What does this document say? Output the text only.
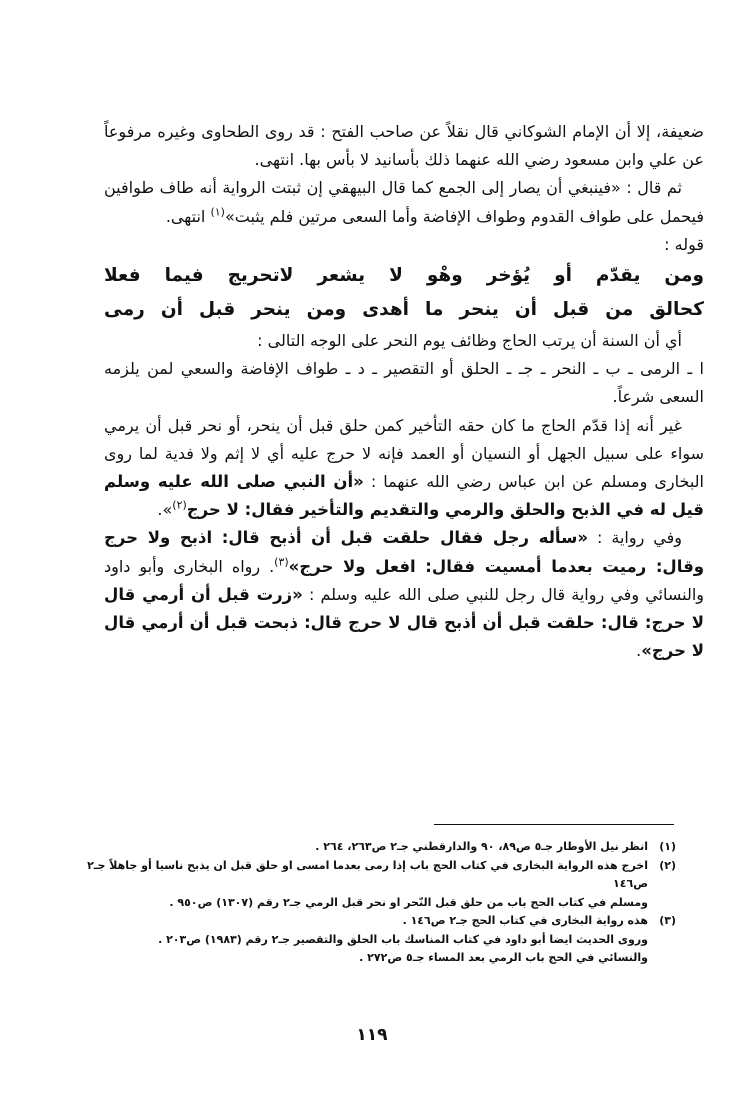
ضعيفة، إلا أن الإمام الشوكاني قال نقلاً عن صاحب الفتح : قد روى الطحاوى وغيره مرفوعاً عن علي وابن مسعود رضي الله عنهما ذلك بأسانيد لا بأس بها. انتهى.

ثم قال : «فينبغي أن يصار إلى الجمع كما قال البيهقي إن ثبتت الرواية أنه طاف طوافين فيحمل على طواف القدوم وطواف الإفاضة وأما السعى مرتين فلم يثبت»$^{(١)}$ انتهى.

قوله :

ومن يقدّم أو يُؤخر وهْو لا يشعر لاتحريج فيما فعلا

كحالق من قبل أن ينحر ما أهدى ومن ينحر قبل أن رمى

أي أن السنة أن يرتب الحاج وظائف يوم النحر على الوجه التالى :

ا ـ الرمى ـ ب ـ النحر ـ جـ ـ الحلق أو التقصير ـ د ـ طواف الإفاضة والسعي لمن يلزمه السعى شرعاً.

غير أنه إذا قدّم الحاج ما كان حقه التأخير كمن حلق قبل أن ينحر، أو نحر قبل أن يرمي سواء على سبيل الجهل أو النسيان أو العمد فإنه لا حرج عليه أي لا إثم ولا فدية لما روى البخارى ومسلم عن ابن عباس رضي الله عنهما : «أن النبي صلى الله عليه وسلم قيل له في الذبح والحلق والرمي والتقديم والتأخير فقال: لا حرج$^{(٢)}$».

وفي رواية : «سأله رجل فقال حلقت قبل أن أذبح قال: اذبح ولا حرج وقال: رميت بعدما أمسيت فقال: افعل ولا حرج»$^{(٣)}$. رواه البخارى وأبو داود والنسائي وفي رواية قال رجل للنبي صلى الله عليه وسلم : «زرت قبل أن أرمي قال لا حرج: قال: حلقت قبل أن أذبح قال لا حرج قال: ذبحت قبل أن أرمي قال لا حرج».

(١)
انظر نيل الأوطار جـ٥ ص٨٩، ٩٠ والدارقطني جـ٢ ص٢٦٣، ٢٦٤ .
(٢)
اخرج هذه الرواية البخارى في كتاب الحج باب إذا رمى بعدما امسى او حلق قبل ان يذبح ناسيا أو جاهلاً جـ٢ ص١٤٦
ومسلم في كتاب الحج باب من حلق قبل النّحر او نحر قبل الرمي جـ٢ رقم (١٣٠٧) ص٩٥٠ .
(٣)
هذه رواية البخارى في كتاب الحج جـ٢ ص١٤٦ .
وروى الحديث ايضا أبو داود في كتاب المناسك باب الحلق والتقصير جـ٢ رقم (١٩٨٣) ص٢٠٣ .
والنسائي في الحج باب الرمي بعد المساء جـ٥ ص٢٧٢ .
١١٩
